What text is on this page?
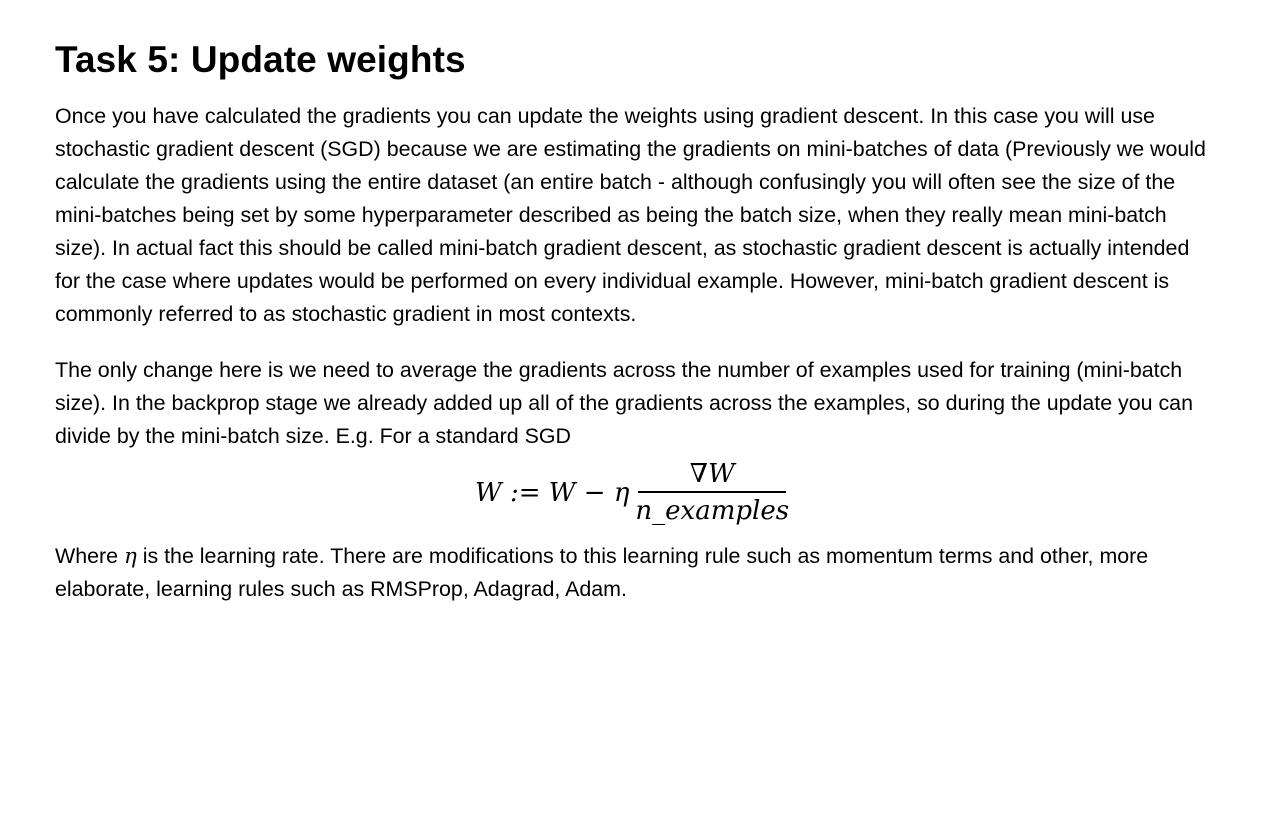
Task 5: Update weights

Once you have calculated the gradients you can update the weights using gradient descent. In this case you will use stochastic gradient descent (SGD) because we are estimating the gradients on mini-batches of data (Previously we would calculate the gradients using the entire dataset (an entire batch - although confusingly you will often see the size of the mini-batches being set by some hyperparameter described as being the batch size, when they really mean mini-batch size). In actual fact this should be called mini-batch gradient descent, as stochastic gradient descent is actually intended for the case where updates would be performed on every individual example. However, mini-batch gradient descent is commonly referred to as stochastic gradient in most contexts.

The only change here is we need to average the gradients across the number of examples used for training (mini-batch size). In the backprop stage we already added up all of the gradients across the examples, so during the update you can divide by the mini-batch size. E.g. For a standard SGD

W := W − η $\frac{\nabla W}{\text{n\_examples}}$

Where η is the learning rate. There are modifications to this learning rule such as momentum terms and other, more elaborate, learning rules such as RMSProp, Adagrad, Adam.
